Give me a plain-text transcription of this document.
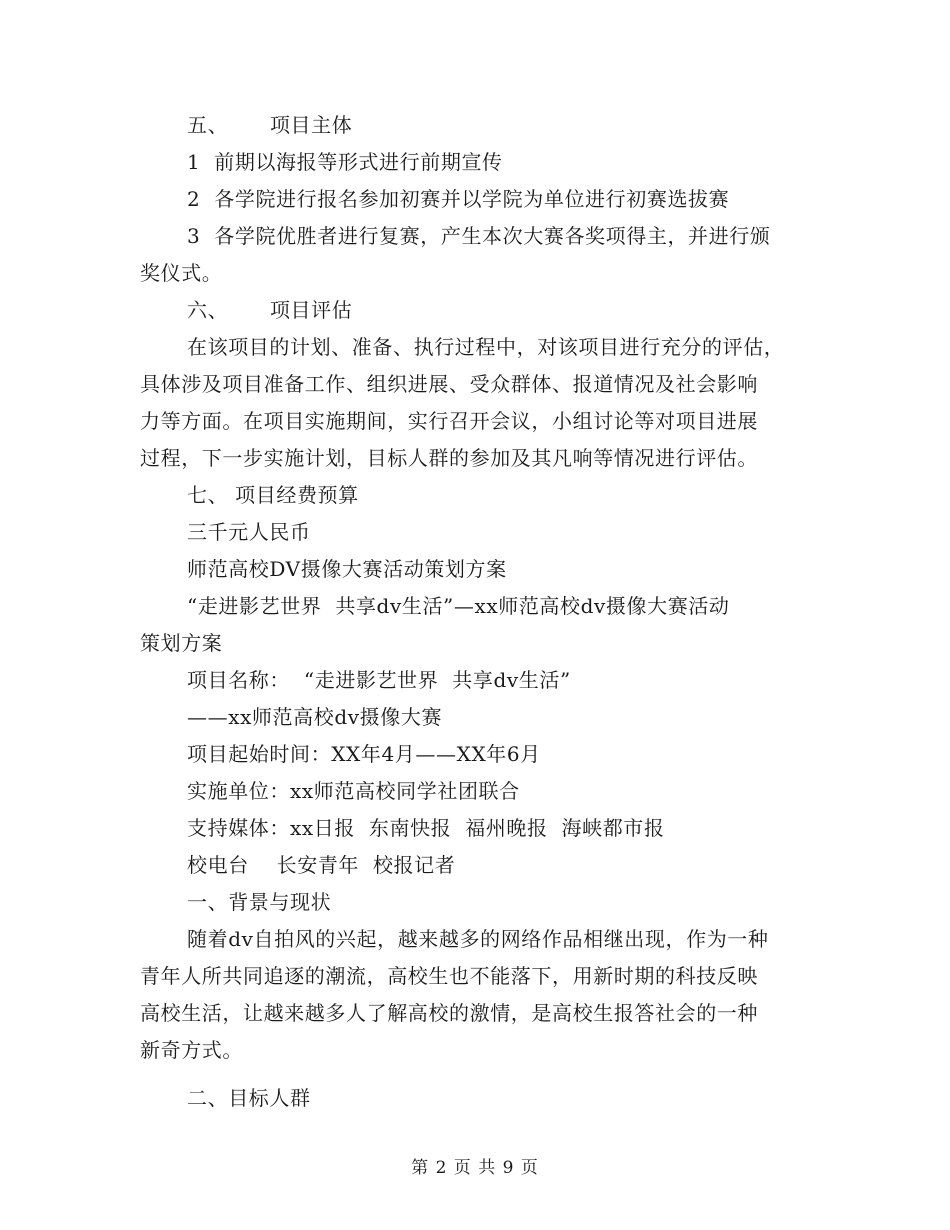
五、      项目主体
1  前期以海报等形式进行前期宣传
2  各学院进行报名参加初赛并以学院为单位进行初赛选拔赛
3  各学院优胜者进行复赛，产生本次大赛各奖项得主，并进行颁
奖仪式。
六、      项目评估
在该项目的计划、准备、执行过程中，对该项目进行充分的评估，
具体涉及项目准备工作、组织进展、受众群体、报道情况及社会影响
力等方面。在项目实施期间，实行召开会议，小组讨论等对项目进展
过程，下一步实施计划，目标人群的参加及其凡响等情况进行评估。
七、 项目经费预算
三千元人民币
师范高校DV摄像大赛活动策划方案
“走进影艺世界  共享dv生活”—xx师范高校dv摄像大赛活动
策划方案
项目名称：  “走进影艺世界  共享dv生活”
——xx师范高校dv摄像大赛
项目起始时间：XX年4月——XX年6月
实施单位：xx师范高校同学社团联合
支持媒体：xx日报  东南快报  福州晚报  海峡都市报
校电台    长安青年  校报记者
一、背景与现状
随着dv自拍风的兴起，越来越多的网络作品相继出现，作为一种
青年人所共同追逐的潮流，高校生也不能落下，用新时期的科技反映
高校生活，让越来越多人了解高校的激情，是高校生报答社会的一种
新奇方式。
二、目标人群
第 2 页 共 9 页
